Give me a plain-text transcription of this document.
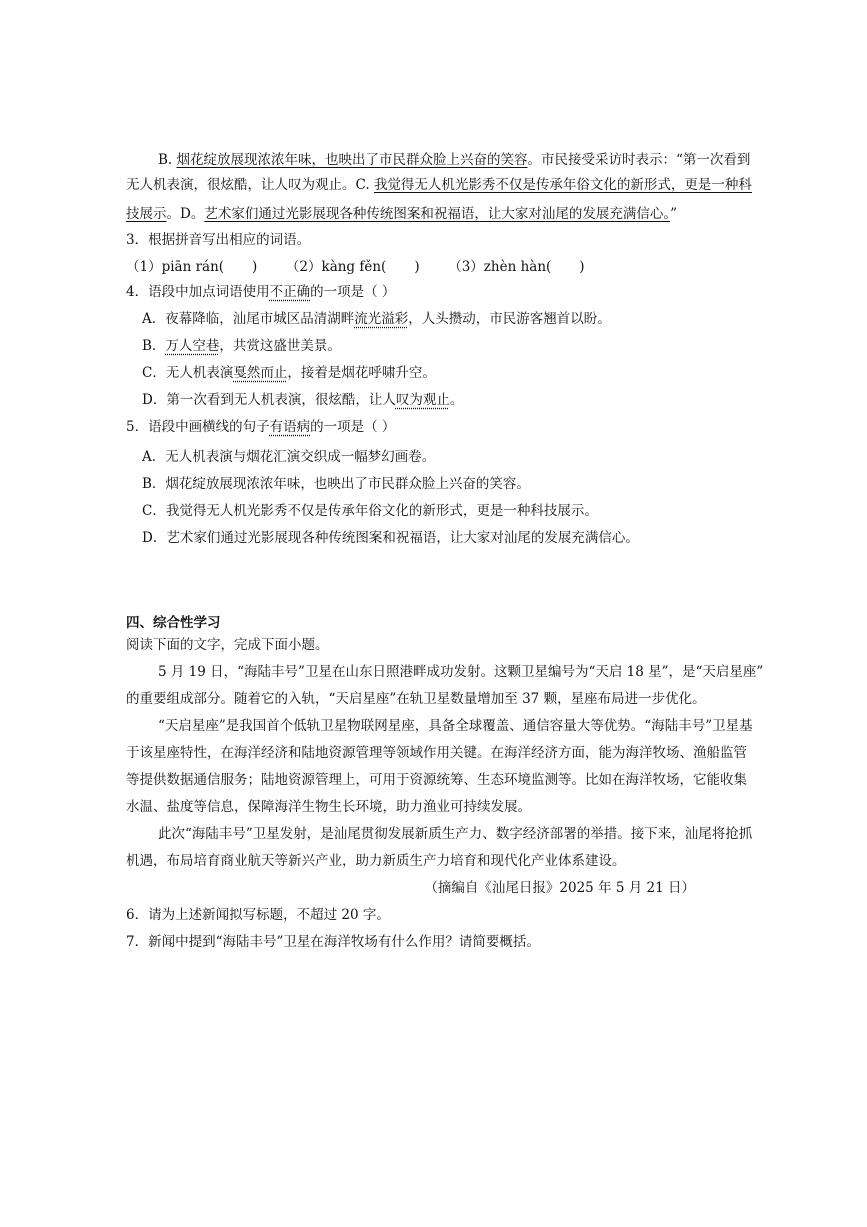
B. 烟花绽放展现浓浓年味，也映出了市民群众脸上兴奋的笑容。市民接受采访时表示：“第一次看到
无人机表演，很炫酷，让人叹为观止。C. 我觉得无人机光影秀不仅是传承年俗文化的新形式，更是一种科
技展示。D。艺术家们通过光影展现各种传统图案和祝福语，让大家对汕尾的发展充满信心。”
3．根据拼音写出相应的词语。
（1）piān rán( ) （2）kàng fěn( ) （3）zhèn hàn( )
4．语段中加点词语使用不正确的一项是（ ）
A．夜幕降临，汕尾市城区品清湖畔流光溢彩，人头攒动，市民游客翘首以盼。
B．万人空巷，共赏这盛世美景。
C．无人机表演戛然而止，接着是烟花呼啸升空。
D．第一次看到无人机表演，很炫酷，让人叹为观止。
5．语段中画横线的句子有语病的一项是（ ）
A．无人机表演与烟花汇演交织成一幅梦幻画卷。
B．烟花绽放展现浓浓年味，也映出了市民群众脸上兴奋的笑容。
C．我觉得无人机光影秀不仅是传承年俗文化的新形式，更是一种科技展示。
D．艺术家们通过光影展现各种传统图案和祝福语，让大家对汕尾的发展充满信心。
四、综合性学习
阅读下面的文字，完成下面小题。
5 月 19 日，“海陆丰号”卫星在山东日照港畔成功发射。这颗卫星编号为“天启 18 星”，是“天启星座”
的重要组成部分。随着它的入轨，“天启星座”在轨卫星数量增加至 37 颗，星座布局进一步优化。
“天启星座”是我国首个低轨卫星物联网星座，具备全球覆盖、通信容量大等优势。“海陆丰号”卫星基
于该星座特性，在海洋经济和陆地资源管理等领域作用关键。在海洋经济方面，能为海洋牧场、渔船监管
等提供数据通信服务；陆地资源管理上，可用于资源统筹、生态环境监测等。比如在海洋牧场，它能收集
水温、盐度等信息，保障海洋生物生长环境，助力渔业可持续发展。
此次“海陆丰号”卫星发射，是汕尾贯彻发展新质生产力、数字经济部署的举措。接下来，汕尾将抢抓
机遇，布局培育商业航天等新兴产业，助力新质生产力培育和现代化产业体系建设。
（摘编自《汕尾日报》2025 年 5 月 21 日）
6．请为上述新闻拟写标题，不超过 20 字。
7．新闻中提到“海陆丰号”卫星在海洋牧场有什么作用？请简要概括。
